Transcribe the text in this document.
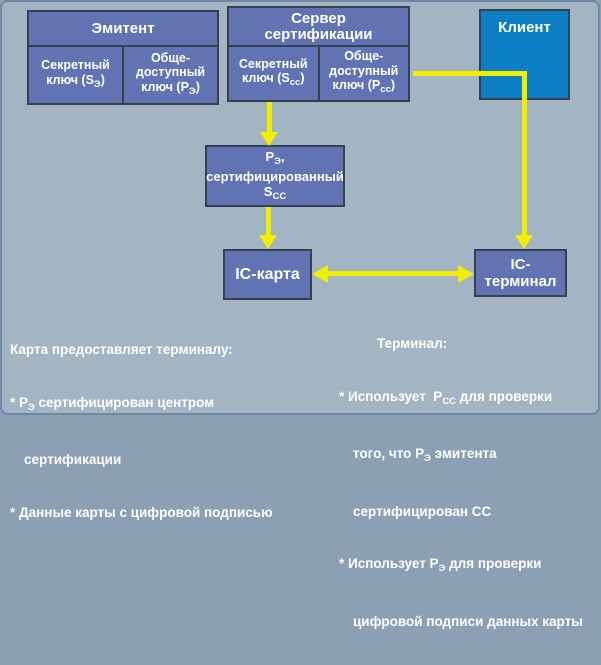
Эмитент
Секретный ключ $(S_Э)$
Обще-доступный ключ $(P_Э)$
Сервер сертификации
Секретный ключ $(S_{сс})$
Обще-доступный ключ $(P_{сс})$
Клиент
$P_Э$,
сертифицированный
$S_{СС}$
IC-карта
IC-терминал

Карта предоставляет терминалу:

* $P_Э$ сертифицирован центром

сертификации

* Данные карты с цифровой подписью

Терминал:

* Использует  $P_{СС}$ для проверки

того, что $P_Э$ эмитента

сертифицирован СС

* Использует $P_Э$ для проверки

цифровой подписи данных карты
